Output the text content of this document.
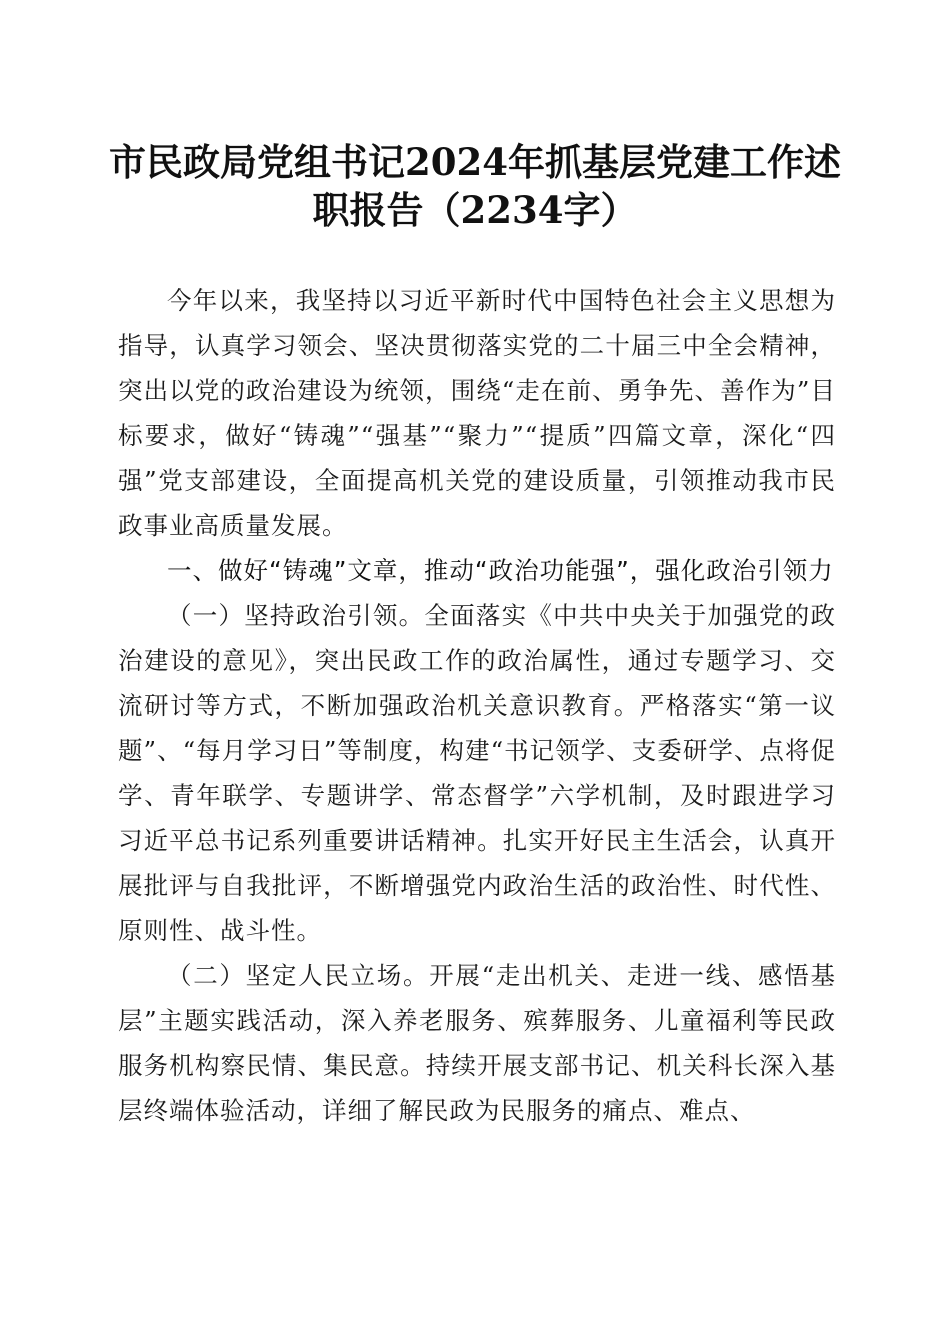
市民政局党组书记2024年抓基层党建工作述职报告（2234字）

今年以来，我坚持以习近平新时代中国特色社会主义思想为指导，认真学习领会、坚决贯彻落实党的二十届三中全会精神，突出以党的政治建设为统领，围绕“走在前、勇争先、善作为”目标要求，做好“铸魂”“强基”“聚力”“提质”四篇文章，深化“四强”党支部建设，全面提高机关党的建设质量，引领推动我市民政事业高质量发展。

一、做好“铸魂”文章，推动“政治功能强”，强化政治引领力

（一）坚持政治引领。全面落实《中共中央关于加强党的政治建设的意见》，突出民政工作的政治属性，通过专题学习、交流研讨等方式，不断加强政治机关意识教育。严格落实“第一议题”、“每月学习日”等制度，构建“书记领学、支委研学、点将促学、青年联学、专题讲学、常态督学”六学机制，及时跟进学习习近平总书记系列重要讲话精神。扎实开好民主生活会，认真开展批评与自我批评，不断增强党内政治生活的政治性、时代性、原则性、战斗性。

（二）坚定人民立场。开展“走出机关、走进一线、感悟基层”主题实践活动，深入养老服务、殡葬服务、儿童福利等民政服务机构察民情、集民意。持续开展支部书记、机关科长深入基层终端体验活动，详细了解民政为民服务的痛点、难点、
